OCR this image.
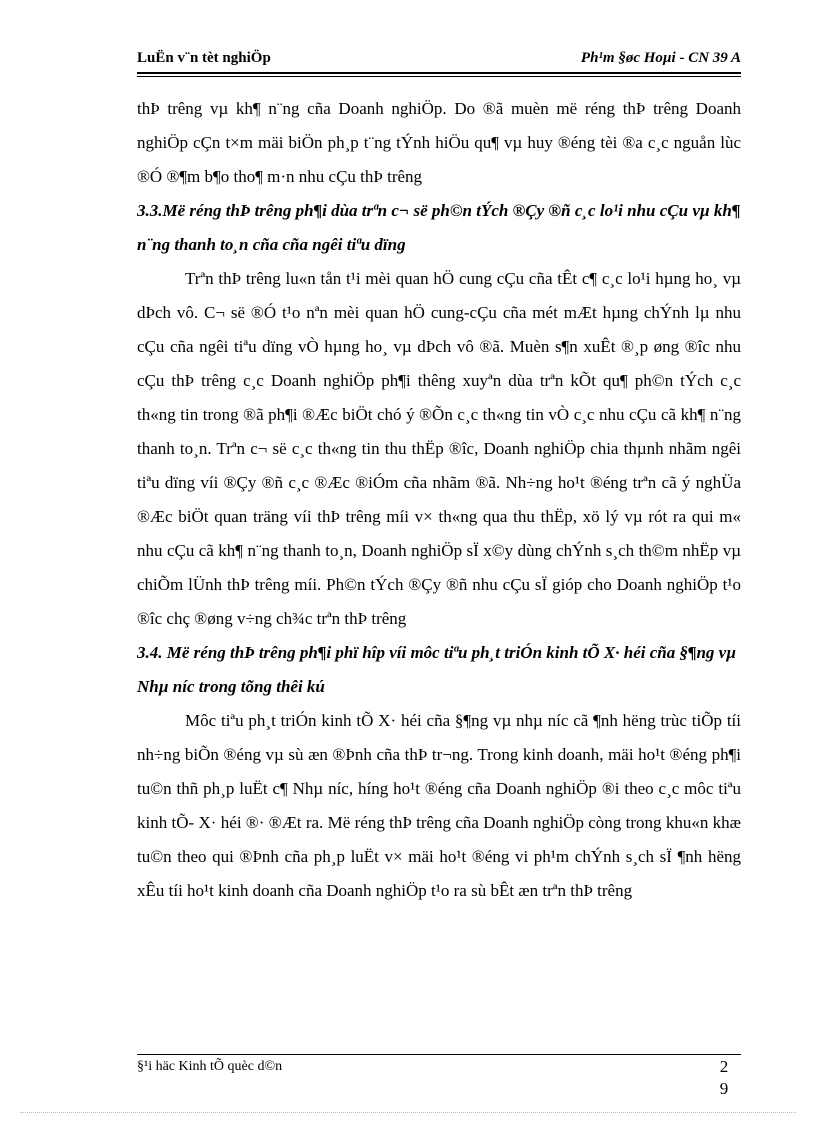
LuËn v¨n tèt nghiÖp	Ph¹m §øc Hoµi - CN 39 A

thÞ trêng vµ kh¶ n¨ng cña Doanh nghiÖp. Do ®ã muèn më réng thÞ trêng Doanh nghiÖp cÇn t×m mäi biÖn ph¸p t¨ng tÝnh hiÖu qu¶ vµ huy ®éng tèi ®a c¸c nguån lùc ®Ó ®¶m b¶o tho¶ m·n nhu cÇu thÞ trêng

3.3.Më réng thÞ trêng ph¶i dùa trªn c¬ së ph©n tÝch ®Çy ®ñ c¸c lo¹i nhu cÇu vµ kh¶ n¨ng thanh to¸n cña cña ngêi tiªu dïng

Trªn thÞ trêng lu«n tån t¹i mèi quan hÖ cung cÇu cña tÊt c¶ c¸c lo¹i hµng ho¸ vµ dÞch vô. C¬ së ®Ó t¹o nªn mèi quan hÖ cung-cÇu cña mét mÆt hµng chÝnh lµ nhu cÇu cña ngêi tiªu dïng vÒ hµng ho¸ vµ dÞch vô ®ã. Muèn s¶n xuÊt ®¸p øng ®îc nhu cÇu thÞ trêng c¸c Doanh nghiÖp ph¶i thêng xuyªn dùa trªn kÕt qu¶ ph©n tÝch c¸c th«ng tin trong ®ã ph¶i ®Æc biÖt chó ý ®Õn c¸c th«ng tin vÒ c¸c nhu cÇu cã kh¶ n¨ng thanh to¸n. Trªn c¬ së c¸c th«ng tin thu thËp ®îc, Doanh nghiÖp chia thµnh nhãm ngêi tiªu dïng víi ®Çy ®ñ c¸c ®Æc ®iÓm cña nhãm ®ã. Nh÷ng ho¹t ®éng trªn cã ý nghÜa ®Æc biÖt quan träng víi thÞ trêng míi v× th«ng qua thu thËp, xö lý vµ rót ra qui m« nhu cÇu cã kh¶ n¨ng thanh to¸n, Doanh nghiÖp sÏ x©y dùng chÝnh s¸ch th©m nhËp vµ chiÕm lÜnh thÞ trêng míi. Ph©n tÝch ®Çy ®ñ nhu cÇu sÏ gióp cho Doanh nghiÖp t¹o ®îc chç ®øng v÷ng ch¾c trªn thÞ trêng

3.4. Më réng thÞ trêng ph¶i phï hîp víi môc tiªu ph¸t triÓn kinh tÕ X· héi cña §¶ng vµ Nhµ níc trong tõng thêi kú

Môc tiªu ph¸t triÓn kinh tÕ X· héi cña §¶ng vµ nhµ níc cã ¶nh hëng trùc tiÕp tíi nh÷ng biÕn ®éng vµ sù æn ®Þnh cña thÞ tr¬ng. Trong kinh doanh, mäi ho¹t ®éng ph¶i tu©n thñ ph¸p luËt c¶ Nhµ níc, híng ho¹t ®éng cña Doanh nghiÖp ®i theo c¸c môc tiªu kinh tÕ- X· héi ®· ®Æt ra. Më réng thÞ trêng cña Doanh nghiÖp còng trong khu«n khæ tu©n theo qui ®Þnh cña ph¸p luËt v× mäi ho¹t ®éng vi ph¹m chÝnh s¸ch sÏ ¶nh hëng xÊu tíi ho¹t kinh doanh cña Doanh nghiÖp t¹o ra sù bÊt æn trªn thÞ trêng

§¹i häc Kinh tÕ quèc d©n	2
9
